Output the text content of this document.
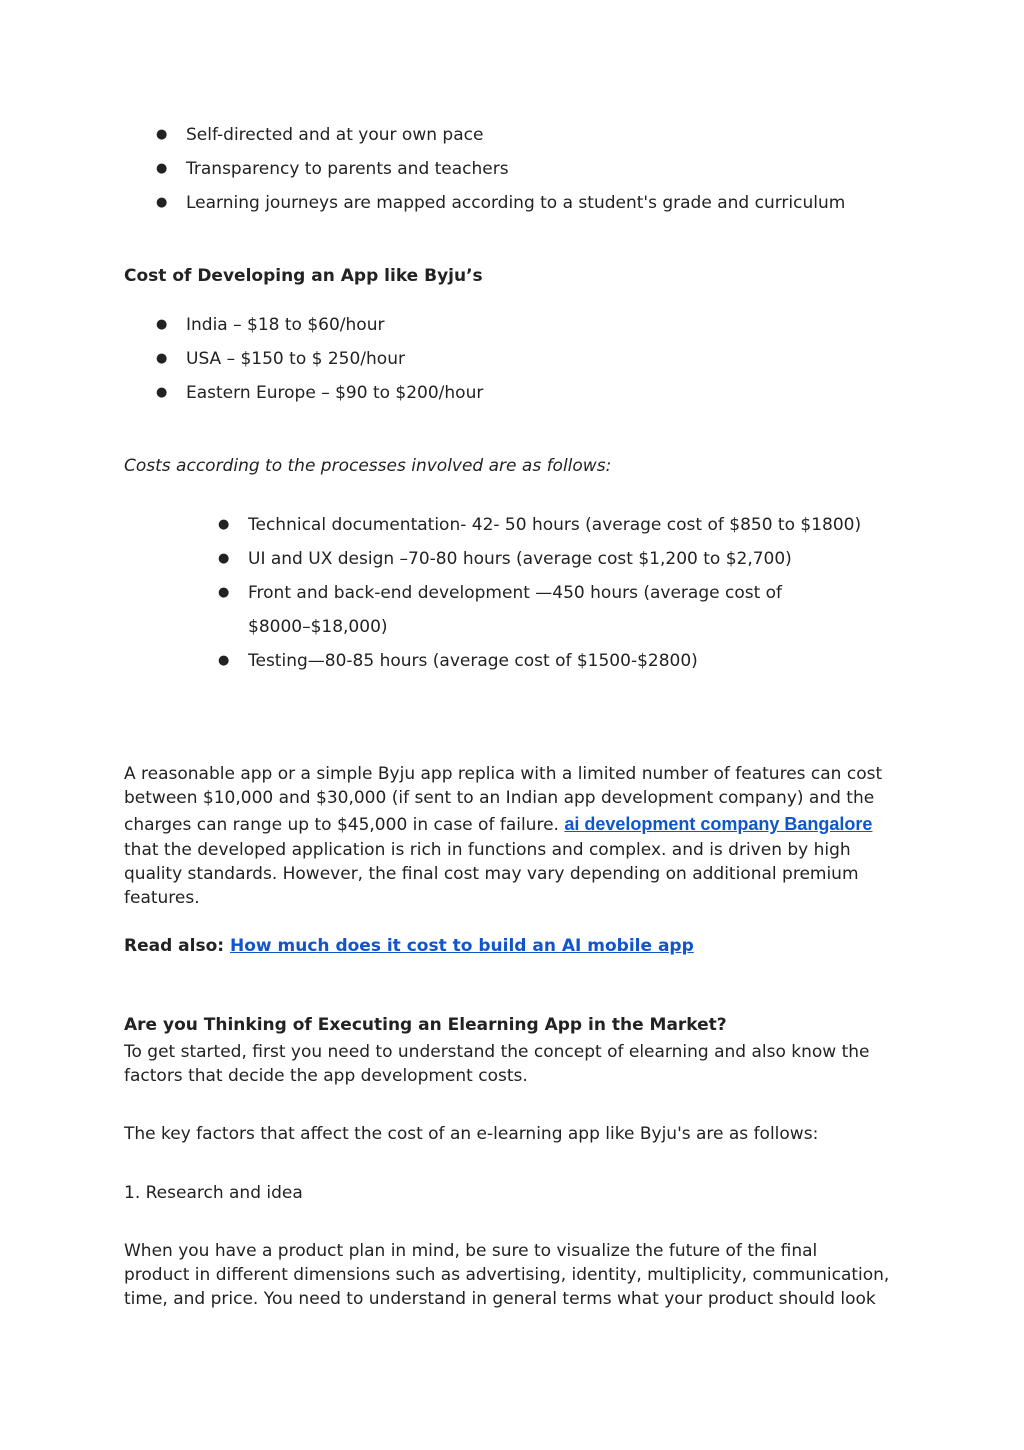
● Self-directed and at your own pace
● Transparency to parents and teachers
● Learning journeys are mapped according to a student's grade and curriculum
Cost of Developing an App like Byju’s
● India – $18 to $60/hour
● USA – $150 to $ 250/hour
● Eastern Europe – $90 to $200/hour
Costs according to the processes involved are as follows:
● Technical documentation- 42- 50 hours (average cost of $850 to $1800)
● UI and UX design –70-80 hours (average cost $1,200 to $2,700)
● Front and back-end development —450 hours (average cost of
$8000–$18,000)
● Testing—80-85 hours (average cost of $1500-$2800)
A reasonable app or a simple Byju app replica with a limited number of features can cost
between $10,000 and $30,000 (if sent to an Indian app development company) and the
charges can range up to $45,000 in case of failure. ai development company Bangalore
that the developed application is rich in functions and complex. and is driven by high
quality standards. However, the final cost may vary depending on additional premium
features.
Read also: How much does it cost to build an AI mobile app
Are you Thinking of Executing an Elearning App in the Market?
To get started, first you need to understand the concept of elearning and also know the
factors that decide the app development costs.
The key factors that affect the cost of an e-learning app like Byju's are as follows:
1. Research and idea
When you have a product plan in mind, be sure to visualize the future of the final
product in different dimensions such as advertising, identity, multiplicity, communication,
time, and price. You need to understand in general terms what your product should look
